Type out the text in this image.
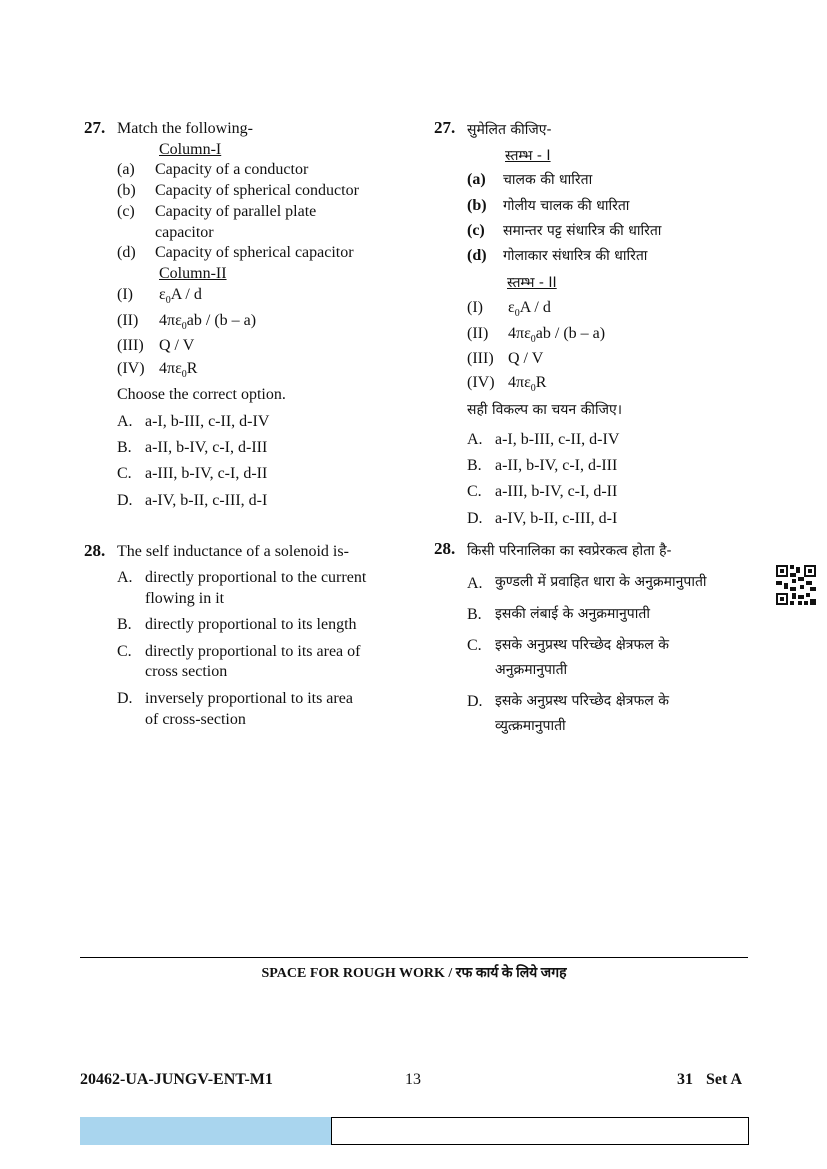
27. Match the following-
Column-I
(a) Capacity of a conductor
(b) Capacity of spherical conductor
(c) Capacity of parallel plate
capacitor
(d) Capacity of spherical capacitor
Column-II
(I) $\varepsilon_0A$ / d
(II) $4\pi\varepsilon_0ab / (b - a)$
(III) Q / V
(IV) $4\pi\varepsilon_0R$
Choose the correct option.
A. a-I, b-III, c-II, d-IV
B. a-II, b-IV, c-I, d-III
C. a-III, b-IV, c-I, d-II
D. a-IV, b-II, c-III, d-I
28. The self inductance of a solenoid is-
A. directly proportional to the current
flowing in it
B. directly proportional to its length
C. directly proportional to its area of
cross section
D. inversely proportional to its area
of cross-section
27. सुमेलित कीजिए-
स्तम्भ - I
(a) चालक की धारिता
(b) गोलीय चालक की धारिता
(c) समान्तर पट्ट संधारित्र की धारिता
(d) गोलाकार संधारित्र की धारिता
स्तम्भ - II
(I) $\varepsilon_0A$ / d
(II) $4\pi\varepsilon_0ab / (b - a)$
(III) Q / V
(IV) $4\pi\varepsilon_0R$
सही विकल्प का चयन कीजिए।
A. a-I, b-III, c-II, d-IV
B. a-II, b-IV, c-I, d-III
C. a-III, b-IV, c-I, d-II
D. a-IV, b-II, c-III, d-I
28. किसी परिनालिका का स्वप्रेरकत्व होता है-
A. कुण्डली में प्रवाहित धारा के अनुक्रमानुपाती
B. इसकी लंबाई के अनुक्रमानुपाती
C. इसके अनुप्रस्थ परिच्छेद क्षेत्रफल के
अनुक्रमानुपाती
D. इसके अनुप्रस्थ परिच्छेद क्षेत्रफल के
व्युत्क्रमानुपाती
SPACE FOR ROUGH WORK / रफ कार्य के लिये जगह
20462-UA-JUNGV-ENT-M1	13	31 Set A
